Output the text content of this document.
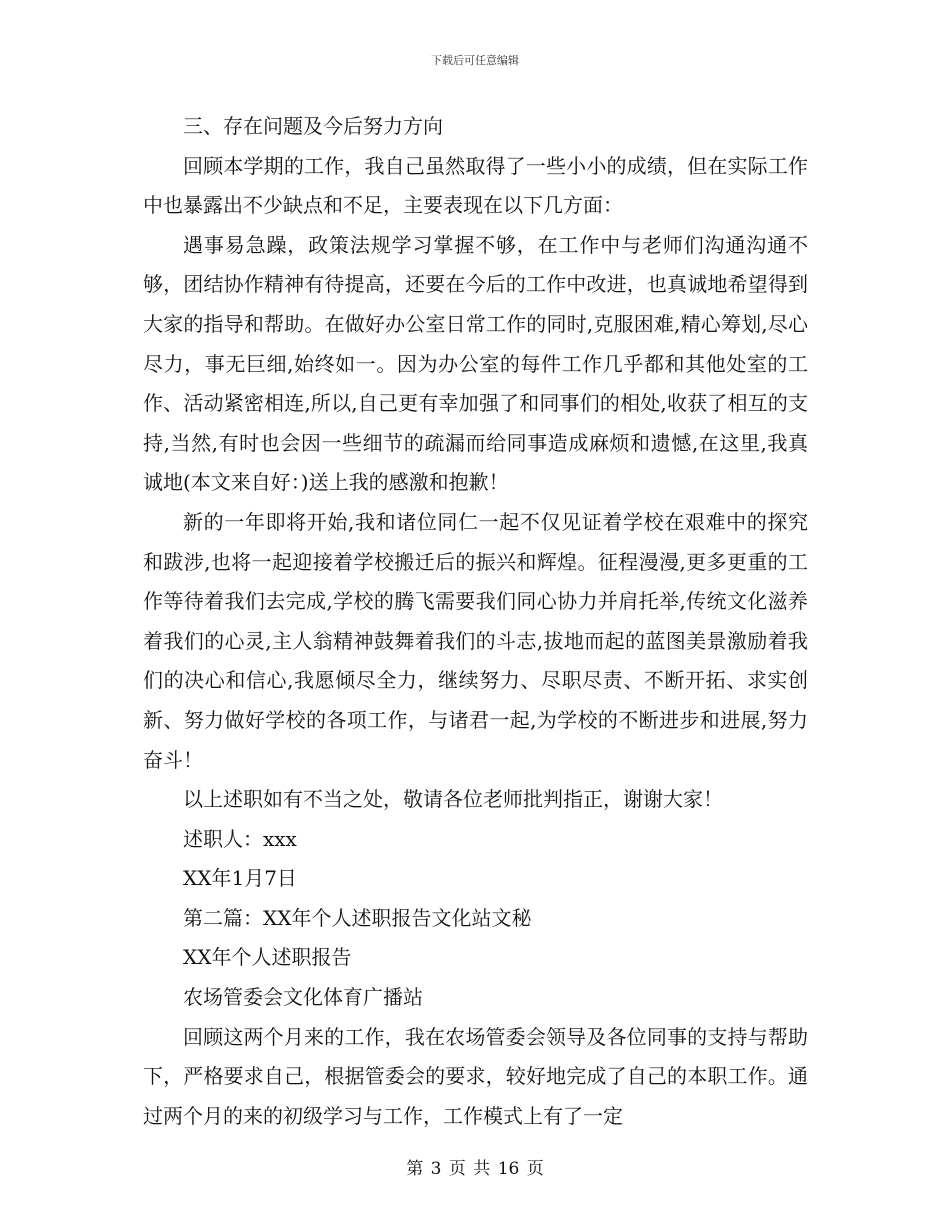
下载后可任意编辑

三、存在问题及今后努力方向

回顾本学期的工作，我自己虽然取得了一些小小的成绩，但在实际工作中也暴露出不少缺点和不足，主要表现在以下几方面：

遇事易急躁，政策法规学习掌握不够，在工作中与老师们沟通沟通不够，团结协作精神有待提高，还要在今后的工作中改进，也真诚地希望得到大家的指导和帮助。在做好办公室日常工作的同时,克服困难,精心筹划,尽心尽力，事无巨细,始终如一。因为办公室的每件工作几乎都和其他处室的工作、活动紧密相连,所以,自己更有幸加强了和同事们的相处,收获了相互的支持,当然,有时也会因一些细节的疏漏而给同事造成麻烦和遗憾,在这里,我真诚地(本文来自好：)送上我的感激和抱歉！

新的一年即将开始,我和诸位同仁一起不仅见证着学校在艰难中的探究和跋涉,也将一起迎接着学校搬迁后的振兴和辉煌。征程漫漫,更多更重的工作等待着我们去完成,学校的腾飞需要我们同心协力并肩托举,传统文化滋养着我们的心灵,主人翁精神鼓舞着我们的斗志,拔地而起的蓝图美景激励着我们的决心和信心,我愿倾尽全力，继续努力、尽职尽责、不断开拓、求实创新、努力做好学校的各项工作，与诸君一起,为学校的不断进步和进展,努力奋斗！

以上述职如有不当之处，敬请各位老师批判指正，谢谢大家！

述职人：xxx

XX年1月7日

第二篇：XX年个人述职报告文化站文秘

XX年个人述职报告

农场管委会文化体育广播站

回顾这两个月来的工作，我在农场管委会领导及各位同事的支持与帮助下，严格要求自己，根据管委会的要求，较好地完成了自己的本职工作。通过两个月的来的初级学习与工作，工作模式上有了一定

第 3 页 共 16 页
